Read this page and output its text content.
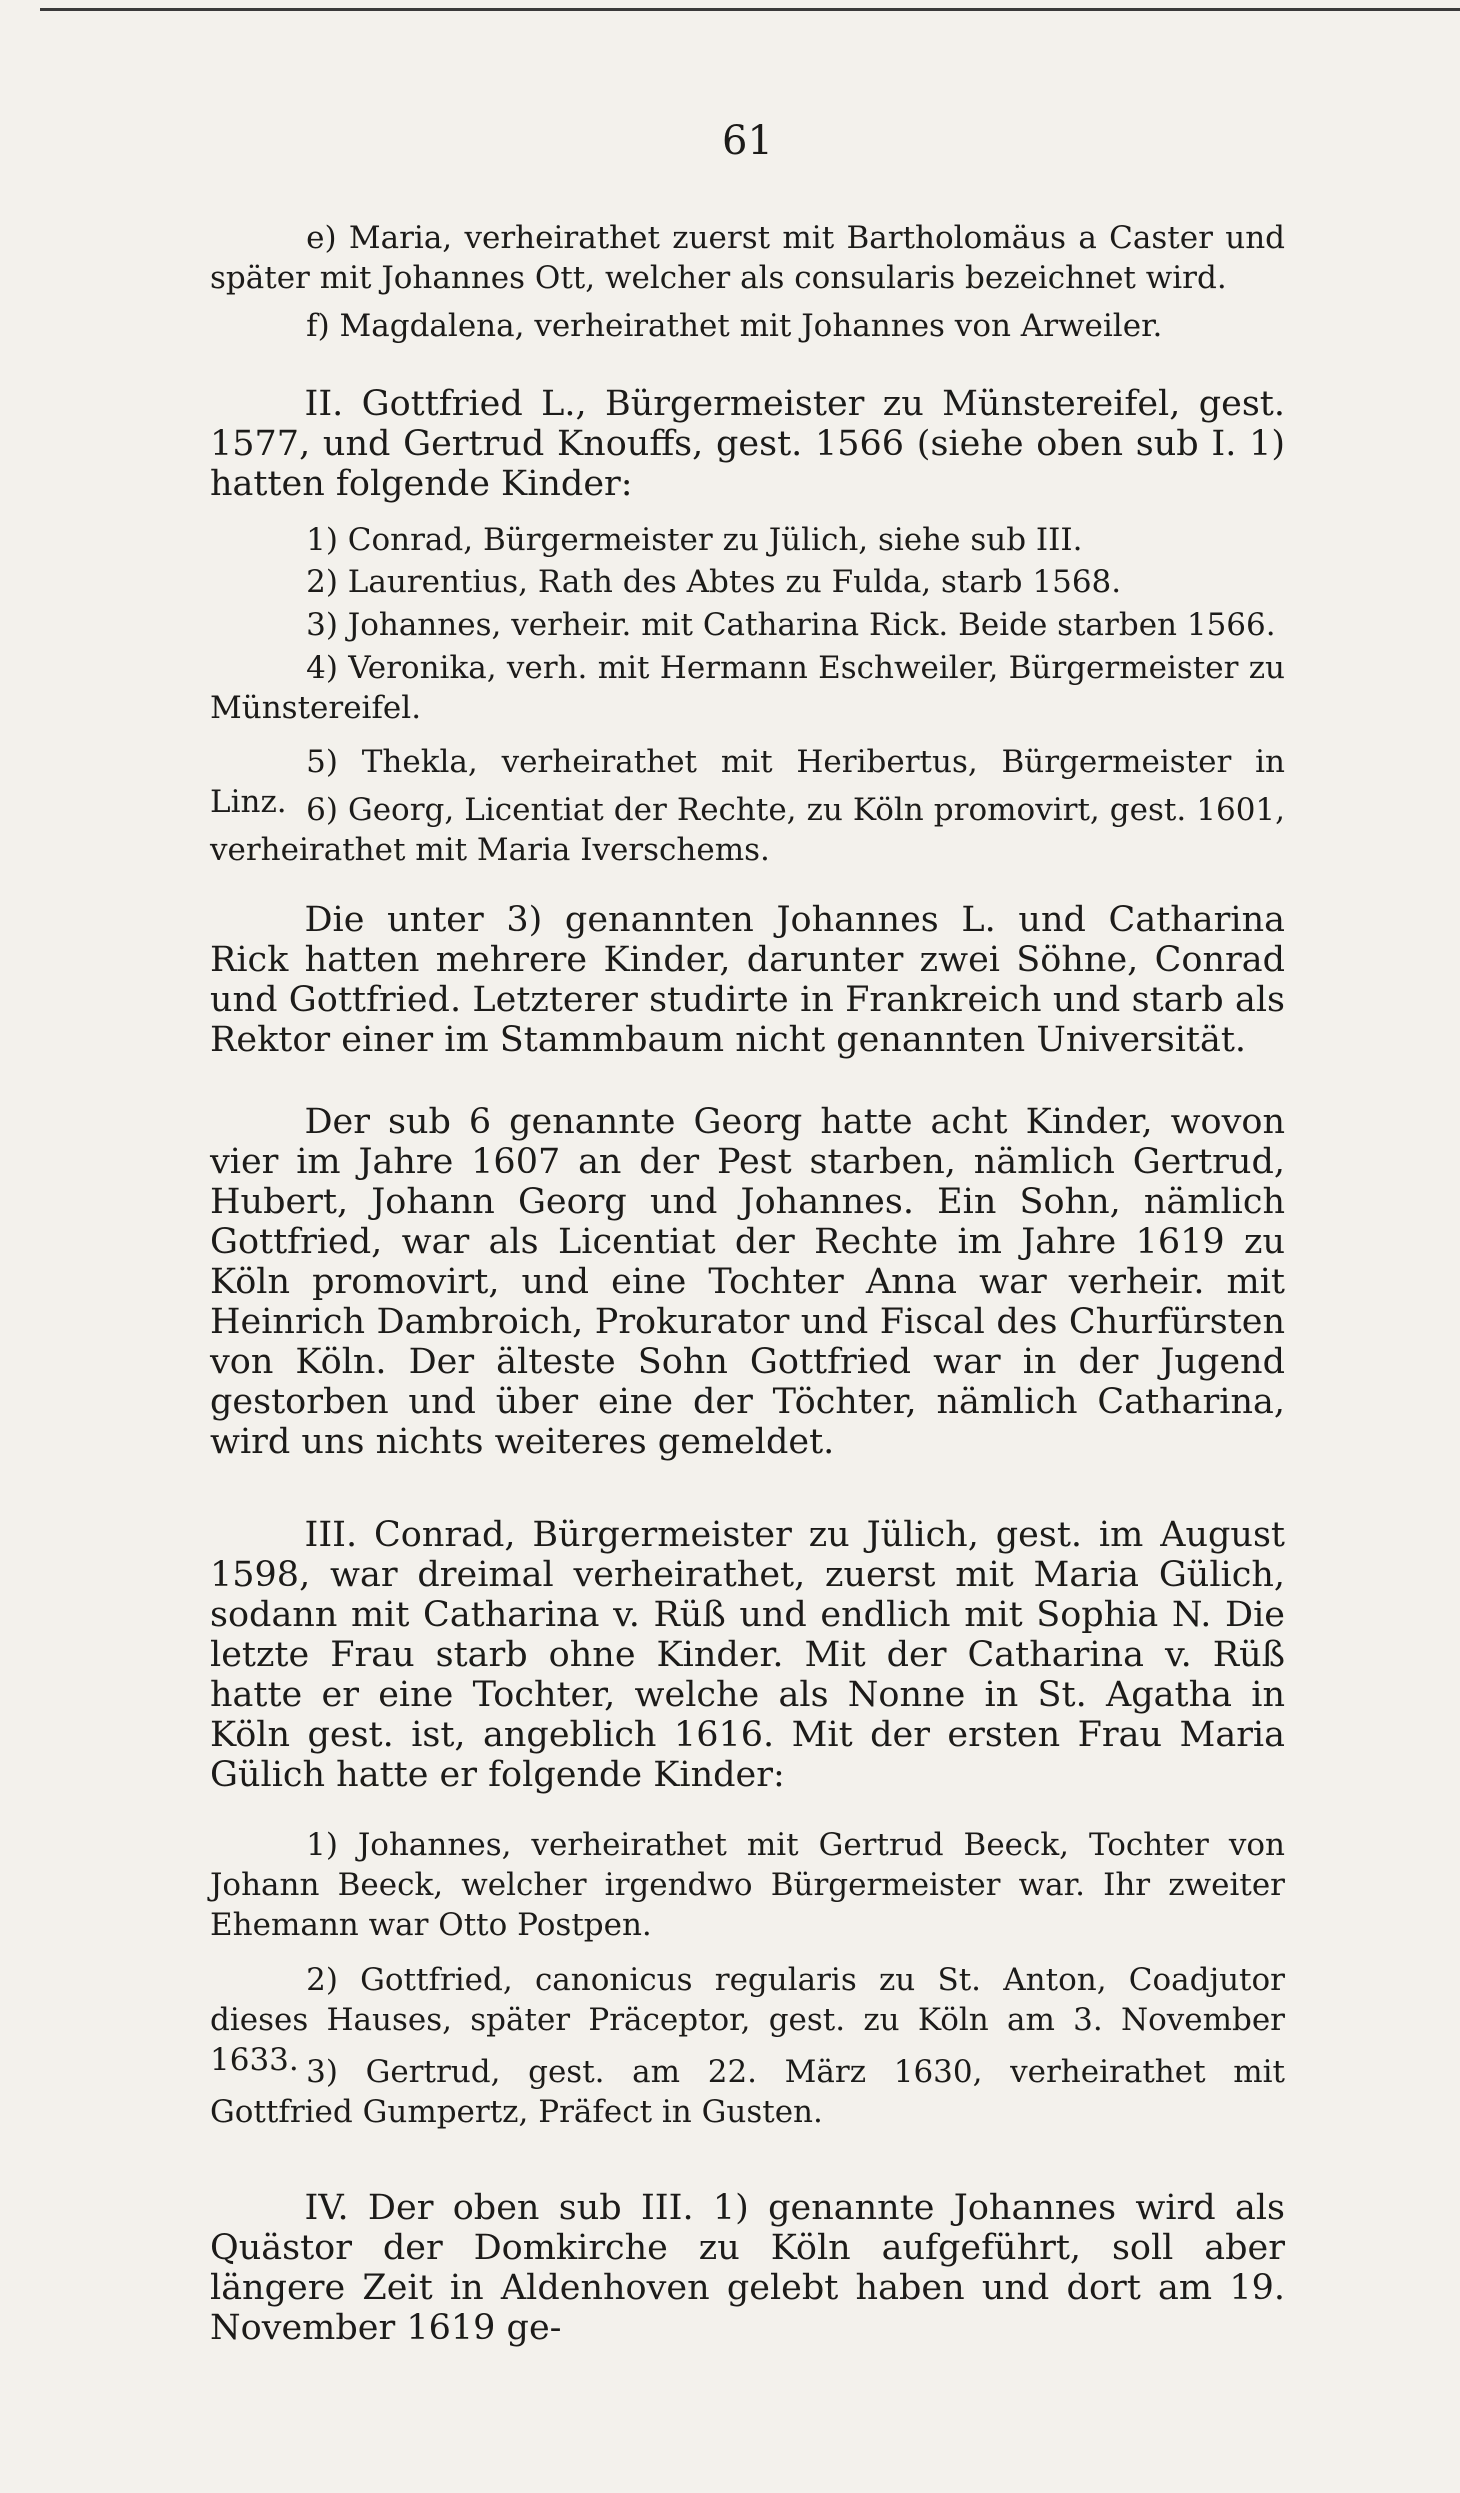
61
e) Maria, verheirathet zuerst mit Bartholomäus a Caster und später mit Johannes Ott, welcher als consularis bezeichnet wird.
f) Magdalena, verheirathet mit Johannes von Arweiler.
II. Gottfried L., Bürgermeister zu Münstereifel, gest. 1577, und Gertrud Knouffs, gest. 1566 (siehe oben sub I. 1) hatten folgende Kinder:
1) Conrad, Bürgermeister zu Jülich, siehe sub III.
2) Laurentius, Rath des Abtes zu Fulda, starb 1568.
3) Johannes, verheir. mit Catharina Rick. Beide starben 1566.
4) Veronika, verh. mit Hermann Eschweiler, Bürgermeister zu Münstereifel.
5) Thekla, verheirathet mit Heribertus, Bürgermeister in Linz. 6) Georg, Licentiat der Rechte, zu Köln promovirt, gest. 1601, verheirathet mit Maria Iverschems.
Die unter 3) genannten Johannes L. und Catharina Rick hatten mehrere Kinder, darunter zwei Söhne, Conrad und Gottfried. Letzterer studirte in Frankreich und starb als Rektor einer im Stammbaum nicht genannten Universität.
Der sub 6 genannte Georg hatte acht Kinder, wovon vier im Jahre 1607 an der Pest starben, nämlich Gertrud, Hubert, Johann Georg und Johannes. Ein Sohn, nämlich Gottfried, war als Licentiat der Rechte im Jahre 1619 zu Köln promovirt, und eine Tochter Anna war verheir. mit Heinrich Dambroich, Prokurator und Fiscal des Churfürsten von Köln. Der älteste Sohn Gottfried war in der Jugend gestorben und über eine der Töchter, nämlich Catharina, wird uns nichts weiteres gemeldet.
III. Conrad, Bürgermeister zu Jülich, gest. im August 1598, war dreimal verheirathet, zuerst mit Maria Gülich, sodann mit Catharina v. Rüß und endlich mit Sophia N. Die letzte Frau starb ohne Kinder. Mit der Catharina v. Rüß hatte er eine Tochter, welche als Nonne in St. Agatha in Köln gest. ist, angeblich 1616. Mit der ersten Frau Maria Gülich hatte er folgende Kinder:
1) Johannes, verheirathet mit Gertrud Beeck, Tochter von Johann Beeck, welcher irgendwo Bürgermeister war. Ihr zweiter Ehemann war Otto Postpen.
2) Gottfried, canonicus regularis zu St. Anton, Coadjutor dieses Hauses, später Präceptor, gest. zu Köln am 3. November 1633. 3) Gertrud, gest. am 22. März 1630, verheirathet mit Gottfried Gumpertz, Präfect in Gusten.
IV. Der oben sub III. 1) genannte Johannes wird als Quästor der Domkirche zu Köln aufgeführt, soll aber längere Zeit in Aldenhoven gelebt haben und dort am 19. November 1619 ge-
